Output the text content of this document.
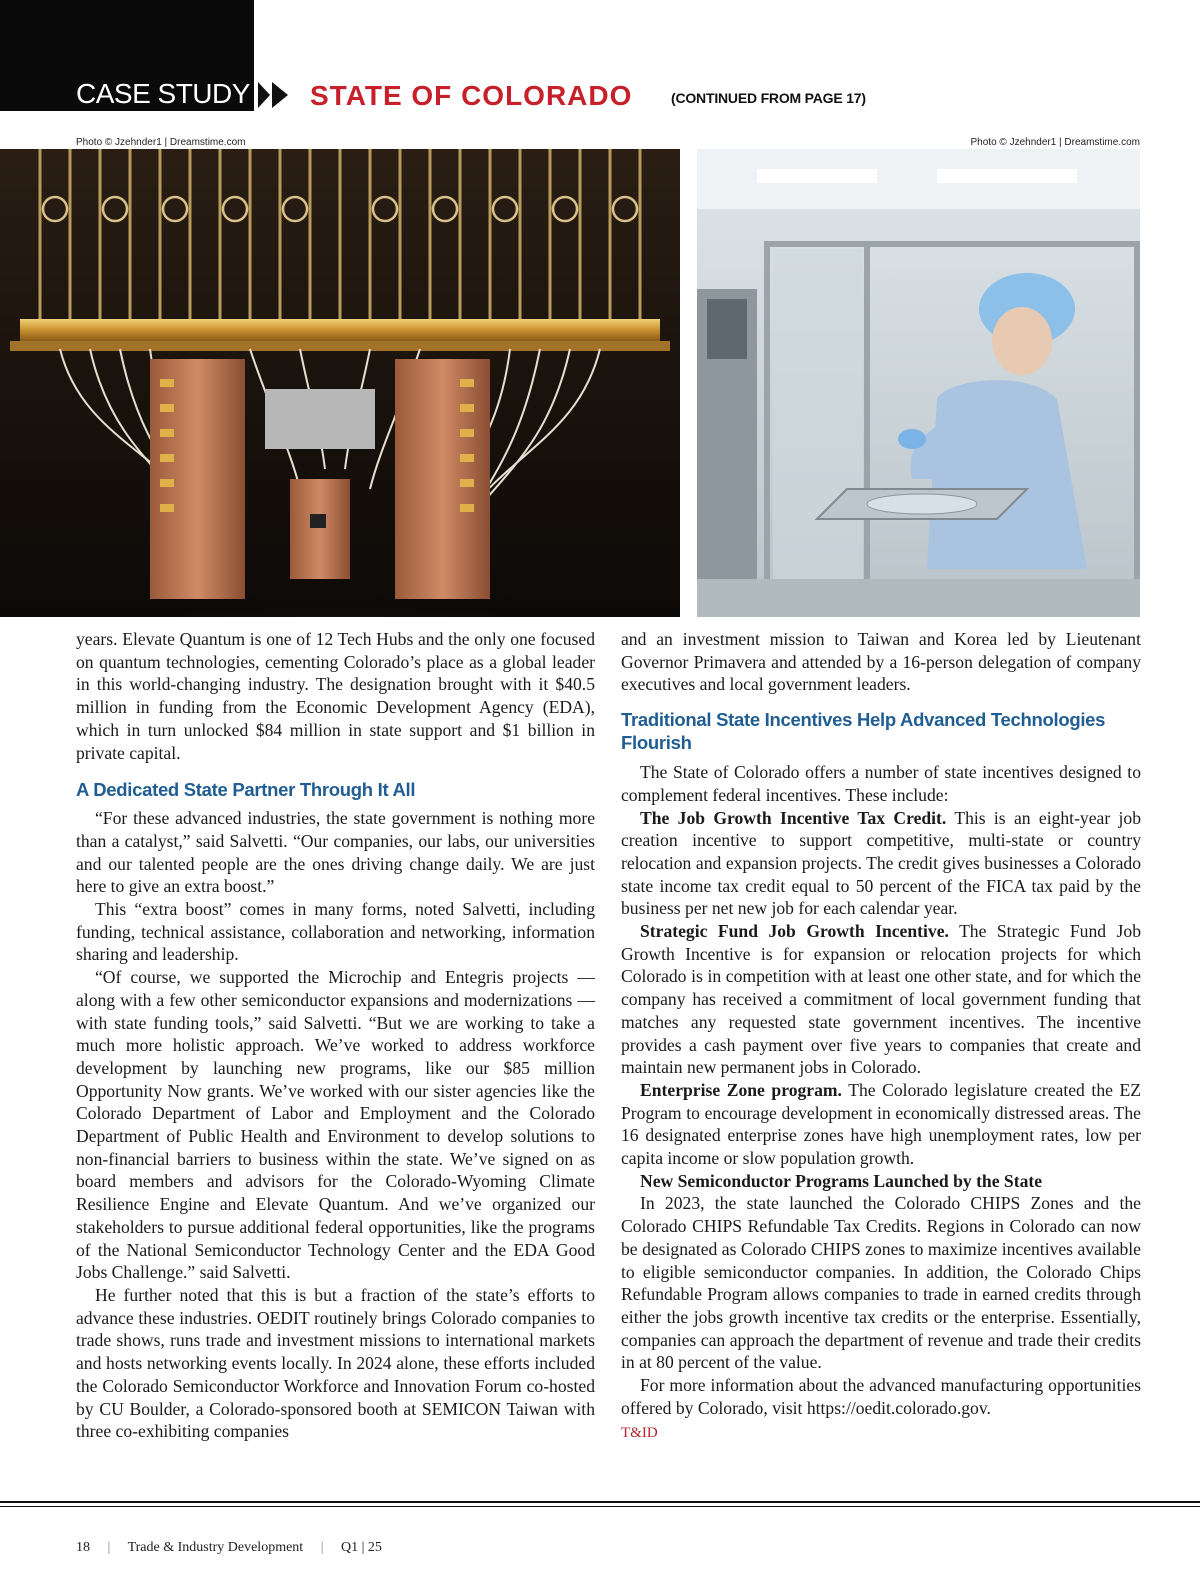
CASE STUDY STATE OF COLORADO	(CONTINUED FROM PAGE 17)
Photo © Jzehnder1 | Dreamstime.com	Photo © Jzehnder1 | Dreamstime.com

years. Elevate Quantum is one of 12 Tech Hubs and the only one focused on quantum technologies, cementing Colorado’s place as a global leader in this world-changing industry. The designation brought with it $40.5 million in funding from the Economic Development Agency (EDA), which in turn unlocked $84 million in state support and $1 billion in private capital.

A Dedicated State Partner Through It All

“For these advanced industries, the state government is nothing more than a catalyst,” said Salvetti. “Our companies, our labs, our universities and our talented people are the ones driving change daily. We are just here to give an extra boost.”

This “extra boost” comes in many forms, noted Salvetti, including funding, technical assistance, collaboration and networking, information sharing and leadership.

“Of course, we supported the Microchip and Entegris projects — along with a few other semiconductor expansions and modernizations — with state funding tools,” said Salvetti. “But we are working to take a much more holistic approach. We’ve worked to address workforce development by launching new programs, like our $85 million Opportunity Now grants. We’ve worked with our sister agencies like the Colorado Department of Labor and Employment and the Colorado Department of Public Health and Environment to develop solutions to non-financial barriers to business within the state. We’ve signed on as board members and advisors for the Colorado-Wyoming Climate Resilience Engine and Elevate Quantum. And we’ve organized our stakeholders to pursue additional federal opportunities, like the programs of the National Semiconductor Technology Center and the EDA Good Jobs Challenge.” said Salvetti.

He further noted that this is but a fraction of the state’s efforts to advance these industries. OEDIT routinely brings Colorado companies to trade shows, runs trade and investment missions to international markets and hosts networking events locally. In 2024 alone, these efforts included the Colorado Semiconductor Workforce and Innovation Forum co-hosted by CU Boulder, a Colorado-sponsored booth at SEMICON Taiwan with three co-exhibiting companies

and an investment mission to Taiwan and Korea led by Lieutenant Governor Primavera and attended by a 16-person delegation of company executives and local government leaders.

Traditional State Incentives Help Advanced Technologies Flourish

The State of Colorado offers a number of state incentives designed to complement federal incentives. These include:

The Job Growth Incentive Tax Credit. This is an eight-year job creation incentive to support competitive, multi-state or country relocation and expansion projects. The credit gives businesses a Colorado state income tax credit equal to 50 percent of the FICA tax paid by the business per net new job for each calendar year.

Strategic Fund Job Growth Incentive. The Strategic Fund Job Growth Incentive is for expansion or relocation projects for which Colorado is in competition with at least one other state, and for which the company has received a commitment of local government funding that matches any requested state government incentives. The incentive provides a cash payment over five years to companies that create and maintain new permanent jobs in Colorado.

Enterprise Zone program. The Colorado legislature created the EZ Program to encourage development in economically distressed areas. The 16 designated enterprise zones have high unemployment rates, low per capita income or slow population growth.

New Semiconductor Programs Launched by the State

In 2023, the state launched the Colorado CHIPS Zones and the Colorado CHIPS Refundable Tax Credits. Regions in Colorado can now be designated as Colorado CHIPS zones to maximize incentives available to eligible semiconductor companies. In addition, the Colorado Chips Refundable Program allows companies to trade in earned credits through either the jobs growth incentive tax credits or the enterprise. Essentially, companies can approach the department of revenue and trade their credits in at 80 percent of the value.

For more information about the advanced manufacturing opportunities offered by Colorado, visit https://oedit.colorado.gov.

T&ID

18 | Trade & Industry Development | Q1 | 25
